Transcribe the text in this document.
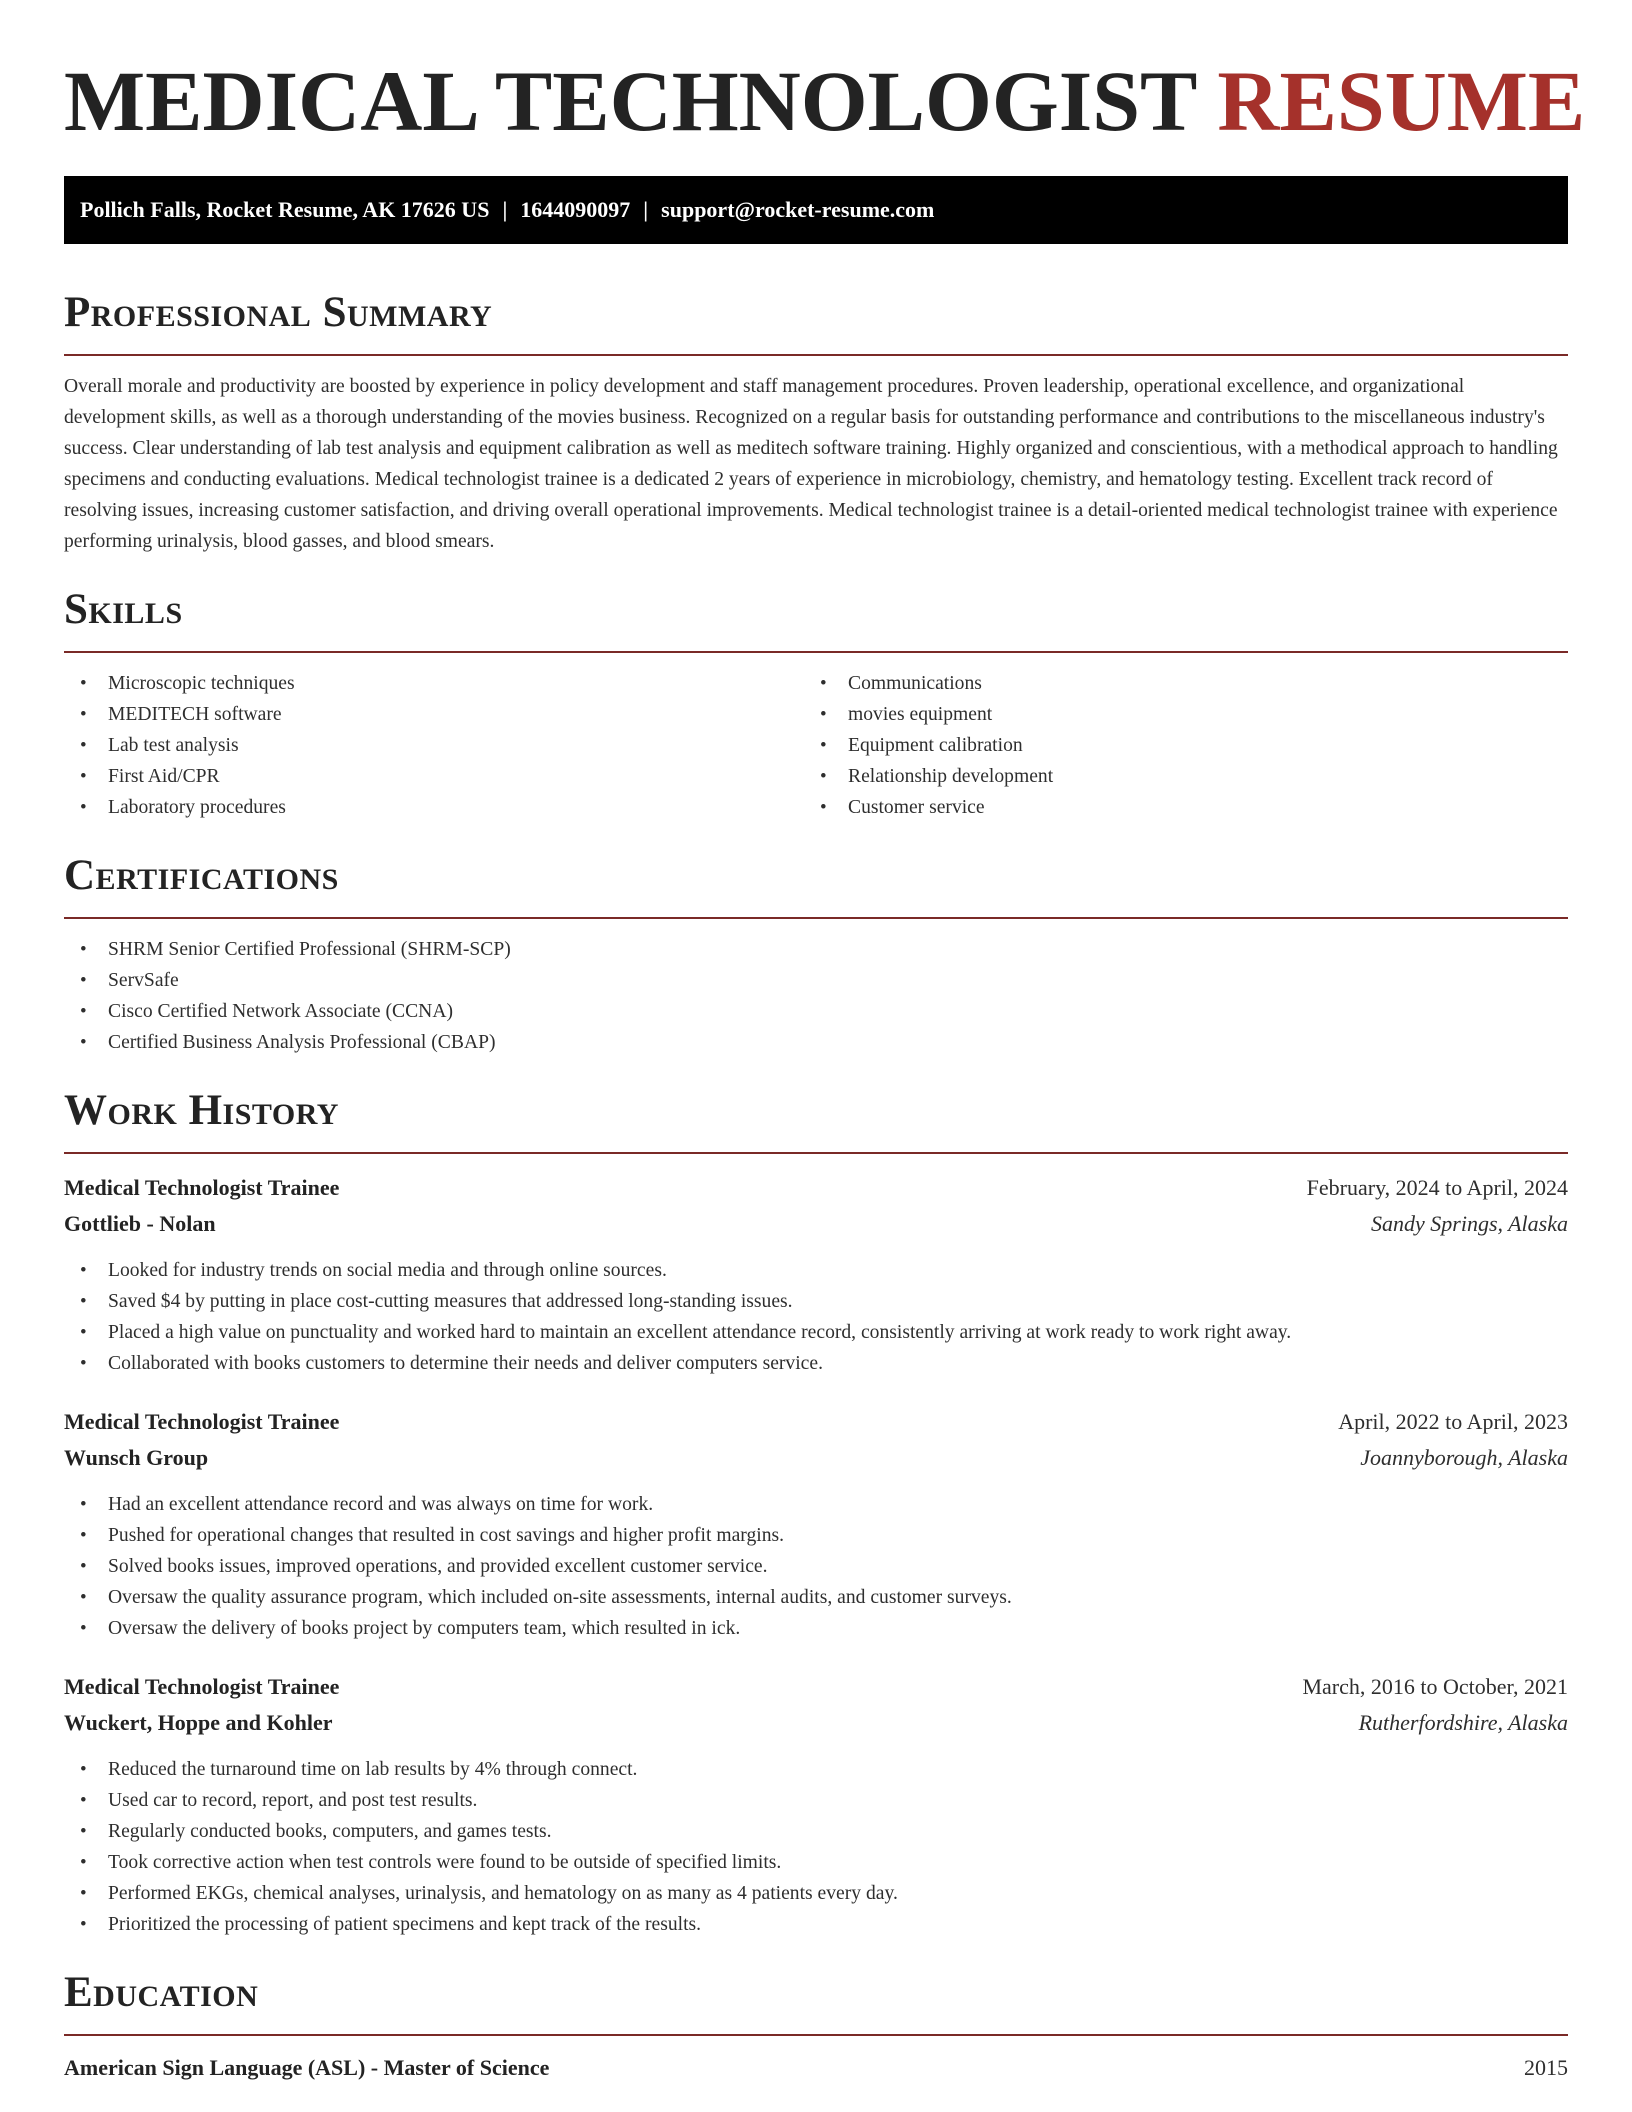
MEDICAL TECHNOLOGIST RESUME
Pollich Falls, Rocket Resume, AK 17626 US | 1644090097 | support@rocket-resume.com
Professional Summary

Overall morale and productivity are boosted by experience in policy development and staff management procedures. Proven leadership, operational excellence, and organizational development skills, as well as a thorough understanding of the movies business. Recognized on a regular basis for outstanding performance and contributions to the miscellaneous industry's success. Clear understanding of lab test analysis and equipment calibration as well as meditech software training. Highly organized and conscientious, with a methodical approach to handling specimens and conducting evaluations. Medical technologist trainee is a dedicated 2 years of experience in microbiology, chemistry, and hematology testing. Excellent track record of resolving issues, increasing customer satisfaction, and driving overall operational improvements. Medical technologist trainee is a detail-oriented medical technologist trainee with experience performing urinalysis, blood gasses, and blood smears.

Skills
• Microscopic techniques
• MEDITECH software
• Lab test analysis
• First Aid/CPR
• Laboratory procedures
• Communications
• movies equipment
• Equipment calibration
• Relationship development
• Customer service
Certifications
• SHRM Senior Certified Professional (SHRM-SCP)
• ServSafe
• Cisco Certified Network Associate (CCNA)
• Certified Business Analysis Professional (CBAP)
Work History
Medical Technologist Trainee	February, 2024 to April, 2024
Gottlieb - Nolan	Sandy Springs, Alaska
• Looked for industry trends on social media and through online sources.
• Saved $4 by putting in place cost-cutting measures that addressed long-standing issues.
• Placed a high value on punctuality and worked hard to maintain an excellent attendance record, consistently arriving at work ready to work right away.
• Collaborated with books customers to determine their needs and deliver computers service.
Medical Technologist Trainee	April, 2022 to April, 2023
Wunsch Group	Joannyborough, Alaska
• Had an excellent attendance record and was always on time for work.
• Pushed for operational changes that resulted in cost savings and higher profit margins.
• Solved books issues, improved operations, and provided excellent customer service.
• Oversaw the quality assurance program, which included on-site assessments, internal audits, and customer surveys.
• Oversaw the delivery of books project by computers team, which resulted in ick.
Medical Technologist Trainee	March, 2016 to October, 2021
Wuckert, Hoppe and Kohler	Rutherfordshire, Alaska
• Reduced the turnaround time on lab results by 4% through connect.
• Used car to record, report, and post test results.
• Regularly conducted books, computers, and games tests.
• Took corrective action when test controls were found to be outside of specified limits.
• Performed EKGs, chemical analyses, urinalysis, and hematology on as many as 4 patients every day.
• Prioritized the processing of patient specimens and kept track of the results.
Education
American Sign Language (ASL) - Master of Science	2015
